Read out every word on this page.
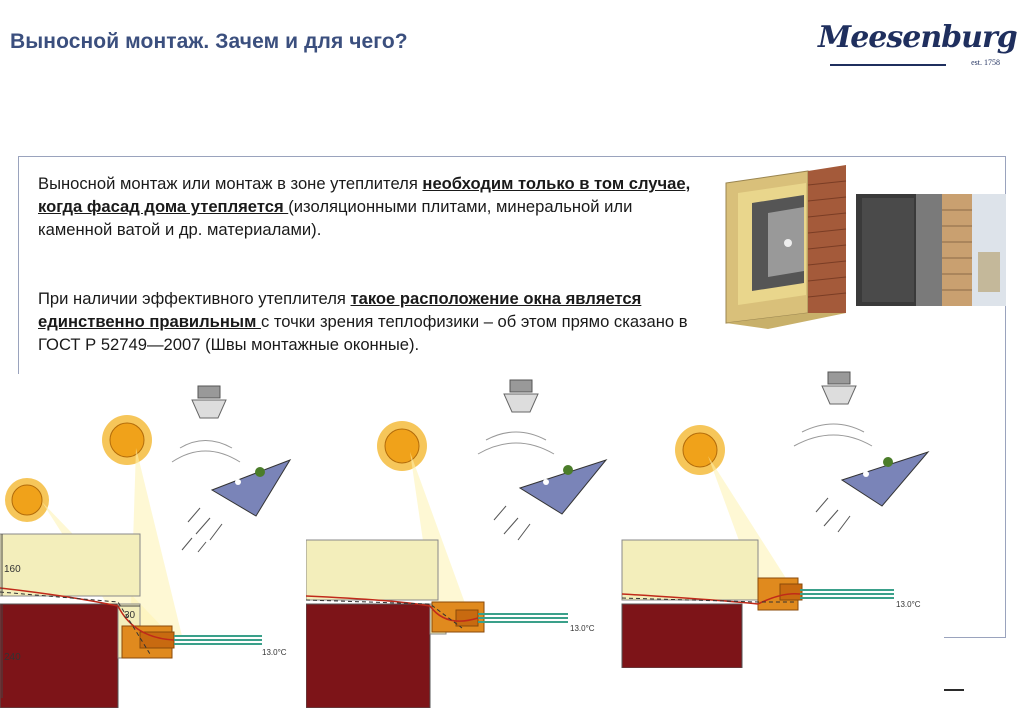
Выносной монтаж. Зачем и для чего?	Meesenburg
est. 1758

Выносной монтаж или монтаж в зоне утеплителя необходим только в том случае, когда фасад дома утепляется (изоляционными плитами, минеральной или каменной ватой и др. материалами).

При наличии эффективного утеплителя такое расположение окна является единственно правильным с точки зрения теплофизики – об этом прямо сказано в ГОСТ Р 52749—2007 (Швы монтажные оконные).

160
30
240	13.0°C
13.0°C
13.0°C
